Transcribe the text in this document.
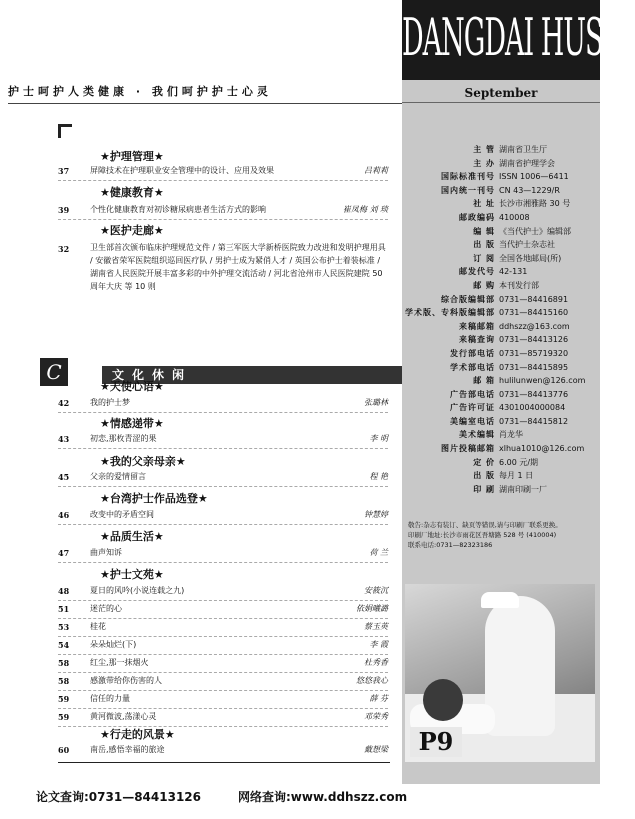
DANGDAI HUSHI
September
护士呵护人类健康 · 我们呵护护士心灵
★护理管理★
37	屏障技术在护理职业安全管理中的设计、应用及效果	吕莉莉
★健康教育★
39	个性化健康教育对初诊糖尿病患者生活方式的影响	崔凤梅 刘 琰
★医护走廊★
32	卫生部首次颁布临床护理规范文件 / 第三军医大学新桥医院致力改进和发明护理用具 / 安徽省荣军医院组织巡回医疗队 / 男护士成为紧俏人才 / 英国公布护士着装标准 / 湖南省人民医院开展丰富多彩的中外护理交流活动 / 河北省沧州市人民医院建院 50 周年大庆 等 10 则
C	文化休闲
★天使心语★
42	我的护士梦	张璐林
★情感递带★
43	初恋,那枚青涩的果	李 明
★我的父亲母亲★
45	父亲的爱情留言	程 艳
★台湾护士作品选登★
46	改变中的矛盾空间	钟慧婷
★品质生活★
47	曲声知诉	荷 兰
★护士文苑★
48	夏日的风吟(小说连载之九)	安筱沉
51	迷茫的心	依娟曦潞
53	桂花	蔡玉英
54	朵朵灿烂(下)	李 霞
58	红尘,那一抹烟火	杜秀香
58	感激带给你伤害的人	悠悠我心
59	信任的力量	薛 芬
59	黄河微波,荡漾心灵	邓荣秀
★行走的风景★
60	南岳,感悟幸福的旅途	戴想梁
主 管 湖南省卫生厅
主 办 湖南省护理学会
国际标准刊号 ISSN 1006—6411
国内统一刊号 CN 43—1229/R
社 址 长沙市湘雅路 30 号
邮政编码 410008
编 辑 《当代护士》编辑部
出 版 当代护士杂志社
订 阅 全国各地邮局(所)
邮发代号 42-131
邮 购 本刊发行部
综合版编辑部 0731—84416891
学术版、专科版编辑部 0731—84415160
来稿邮箱 ddhszz@163.com
来稿查询 0731—84413126
发行部电话 0731—85719320
学术部电话 0731—84415895
邮 箱 hulilunwen@126.com
广告部电话 0731—84413776
广告许可证 4301004000084
美编室电话 0731—84415812
美术编辑 肖龙华
图片投稿邮箱 xlhua1010@126.com
定 价 6.00 元/期
出 版 每月 1 日
印 刷 湖南印刷一厂
敬告:杂志有装订、缺页等错误,请与印刷厂联系更换。
印刷厂地址:长沙市雨花区吾塘路 528 号 (410004)
联系电话:0731—82323186
P9
论文查询:0731—84413126	网络查询:www.ddhszz.com
